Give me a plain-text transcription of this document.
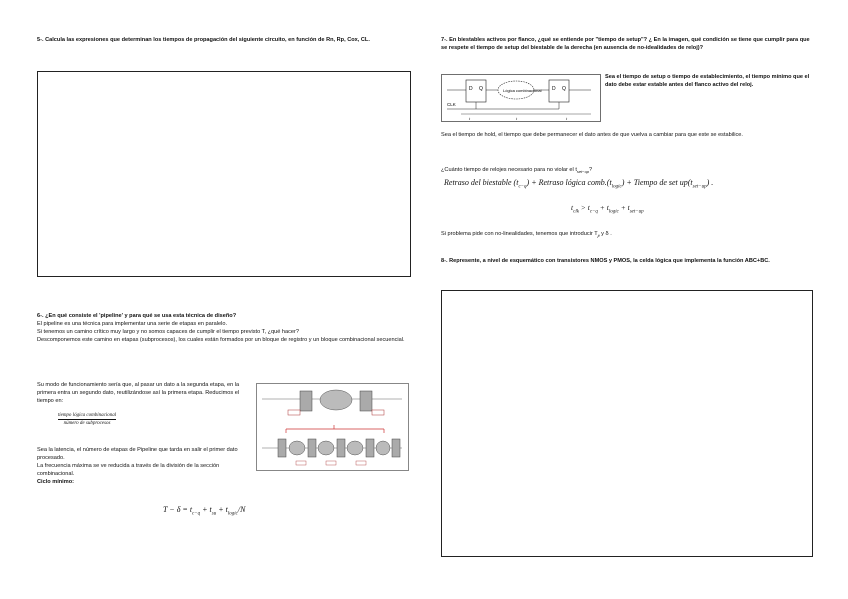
5-. Calcula las expresiones que determinan los tiempos de propagación del siguiente circuito, en función de Rn, Rp, Cox, CL.

6-. ¿En qué consiste el 'pipeline' y para qué se usa esta técnica de diseño?

El pipeline es una técnica para implementar una serie de etapas en paralelo.

Si tenemos un camino crítico muy largo y no somos capaces de cumplir el tiempo previsto T, ¿qué hacer?

Descomponemos este camino en etapas (subprocesos), los cuales están formados por un bloque de registro y un bloque combinacional secuencial.

Su modo de funcionamiento sería que, al pasar un dato a la segunda etapa, en la primera entra un segundo dato, reutilizándose así la primera etapa. Reducimos el tiempo en:
tiempo lógica combinacional
número de subprocesos

Sea la latencia, el número de etapas de Pipeline que tarda en salir el primer dato procesado.

La frecuencia máxima se ve reducida a través de la división de la sección combinacional.

Ciclo mínimo:

$T - \delta = t_{c-q} + t_{su} + t_{logic}/N$
7-. En biestables activos por flanco, ¿qué se entiende por "tiempo de setup"? ¿ En la imagen, qué condición se tiene que cumplir para que se respete el tiempo de setup del biestable de la derecha (en ausencia de no-idealidades de reloj)?
D Q	Lógica combinacional D Q
CLK
t	t	t
Sea el tiempo de setup o tiempo de establecimiento, el tiempo mínimo que el dato debe estar estable antes del flanco activo del reloj.
Sea el tiempo de hold, el tiempo que debe permanecer el dato antes de que vuelva a cambiar para que este se estabilice.
¿Cuánto tiempo de relojes necesario para no violar el $t_{set-up}$?
Retraso del biestable $(t_{c-q})$ + Retraso lógica $comb.(t_{logic})$ + Tiempo de set $up(t_{set-up})$ .
$t_{clk} > t_{c-q} + t_{logic} + t_{set-up}$
Si problema pide con no-linealidades, tenemos que introducir $T_{jt}$ y δ .
8-. Represente, a nivel de esquemático con transistores NMOS y PMOS, la celda lógica que implementa la función ABC+BC.
